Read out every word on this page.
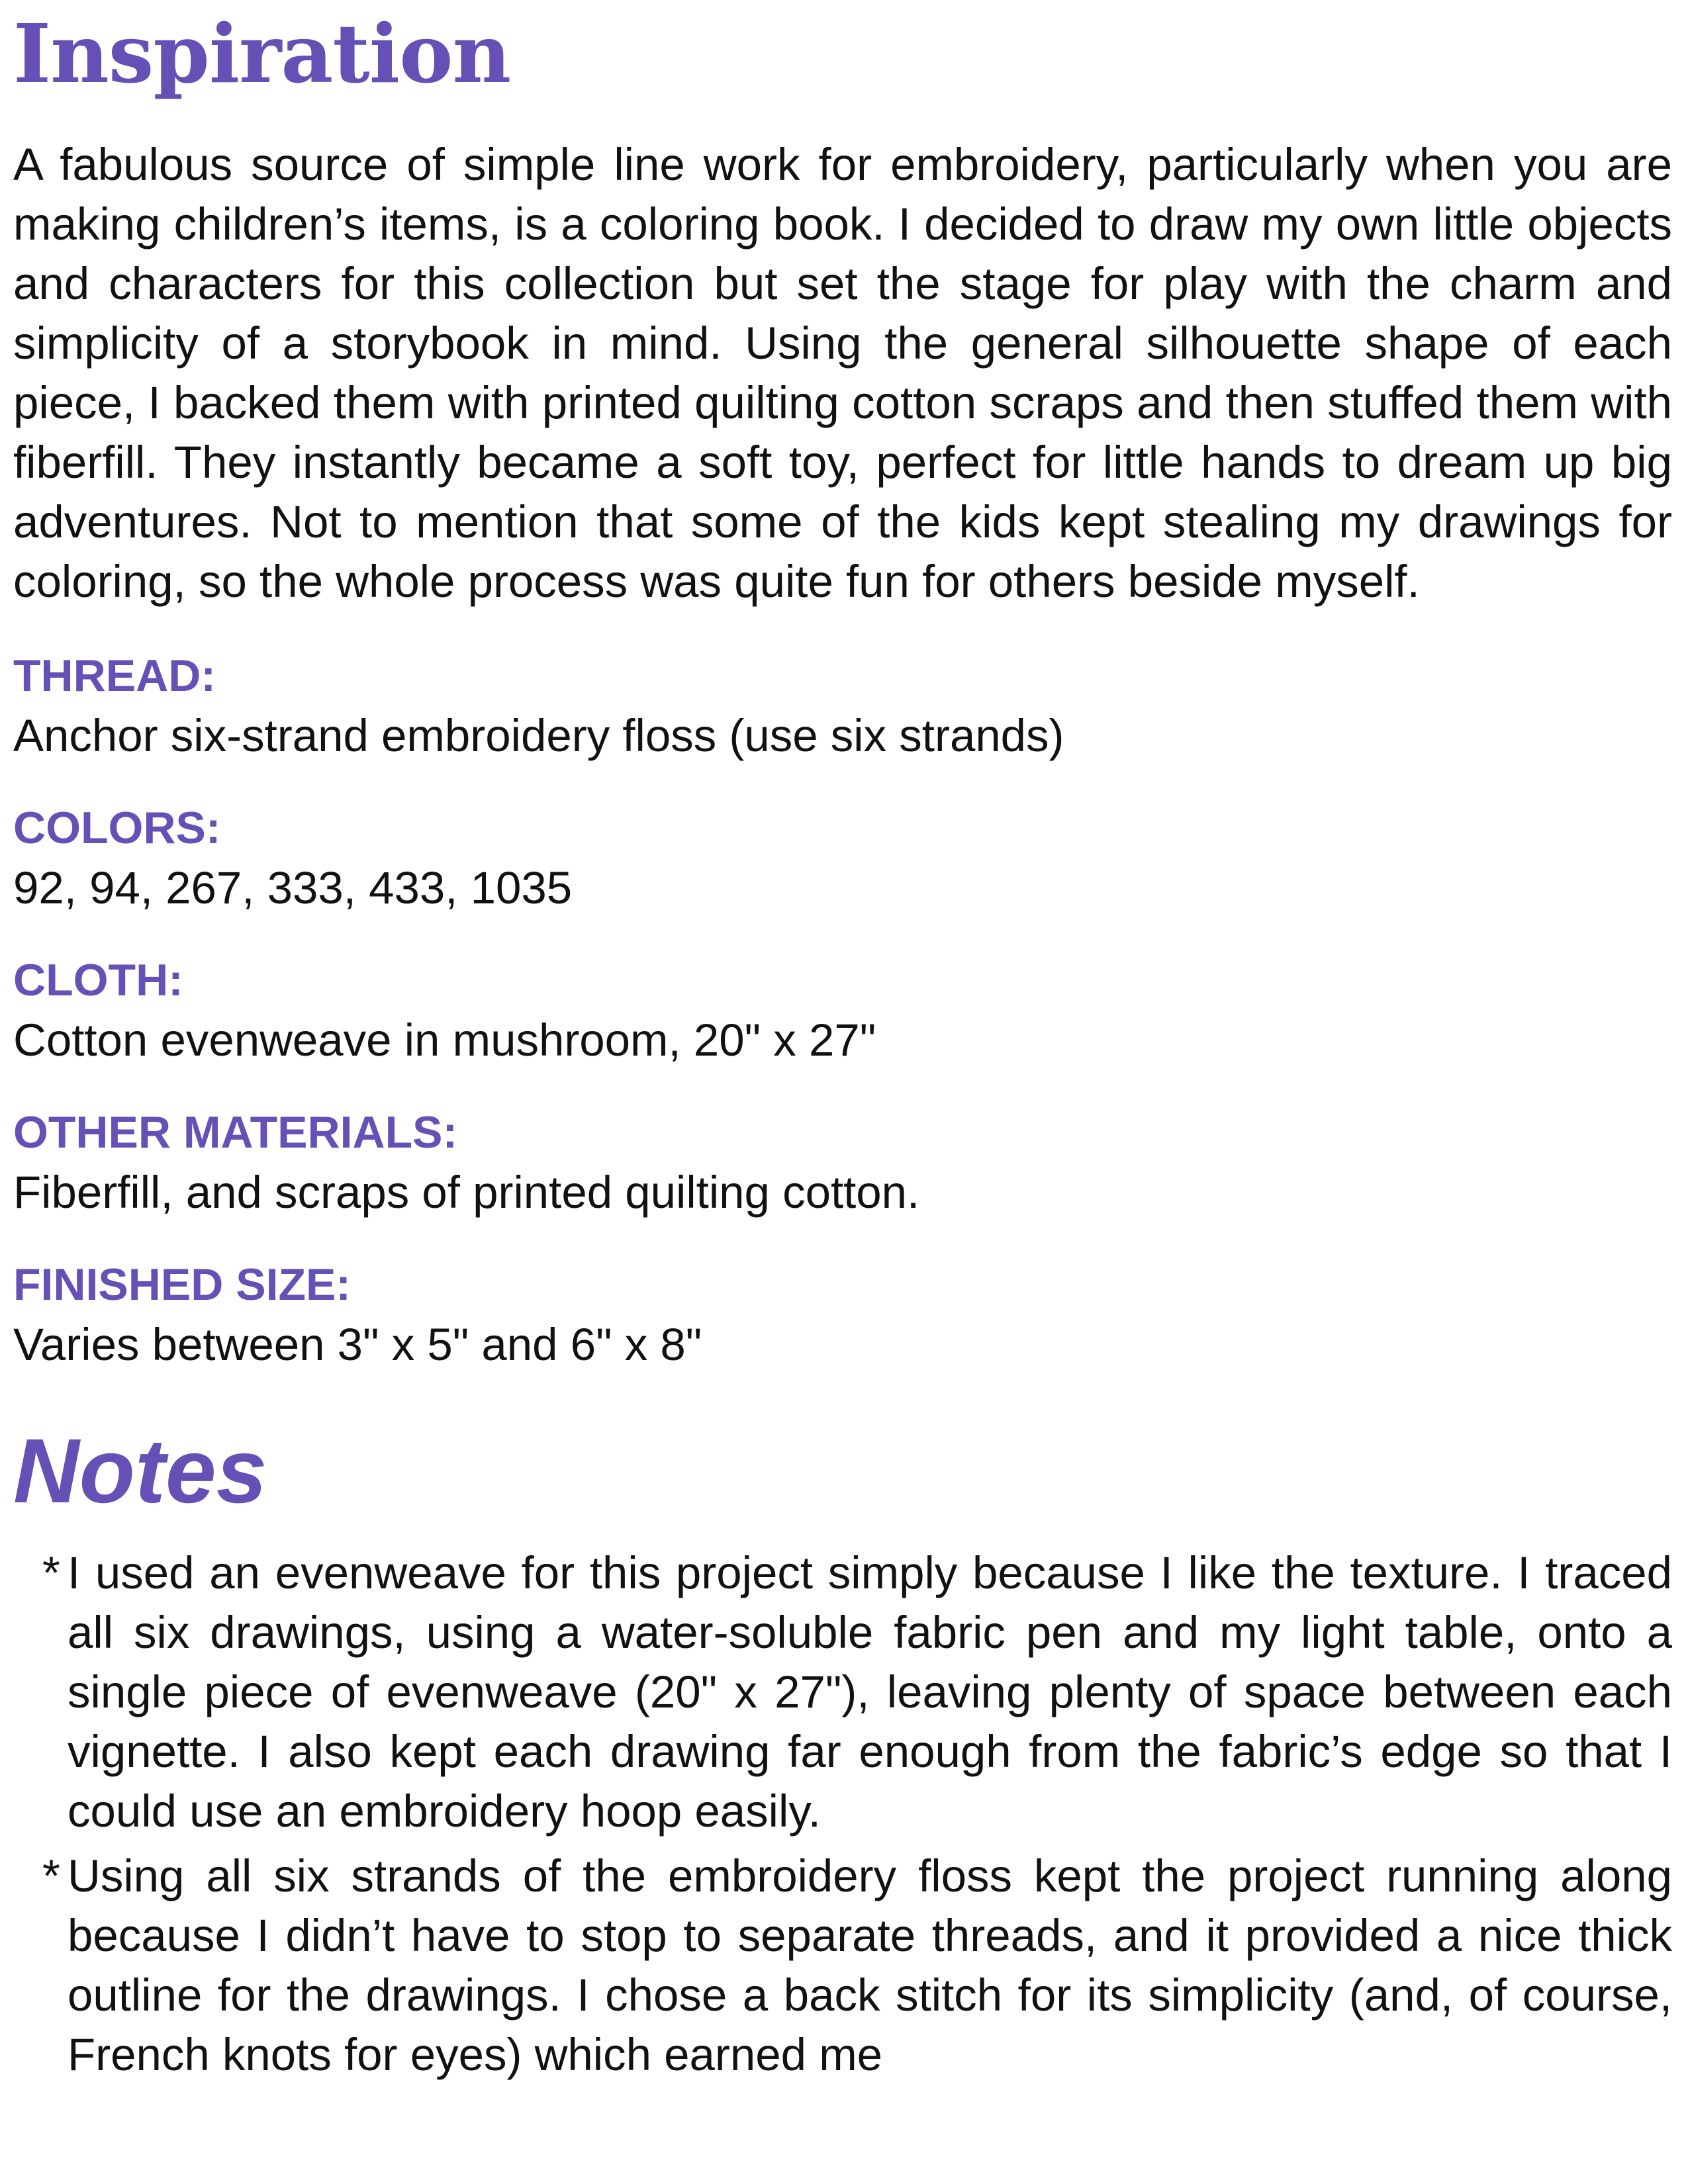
Inspiration

A fabulous source of simple line work for embroidery, particularly when you are making children’s items, is a coloring book. I decided to draw my own little objects and characters for this collection but set the stage for play with the charm and simplicity of a storybook in mind. Using the general silhouette shape of each piece, I backed them with printed quilting cotton scraps and then stuffed them with fiberfill. They instantly became a soft toy, perfect for little hands to dream up big adventures. Not to mention that some of the kids kept stealing my drawings for coloring, so the whole process was quite fun for others beside myself.

THREAD:
Anchor six-strand embroidery floss (use six strands)
COLORS:
92, 94, 267, 333, 433, 1035
CLOTH:
Cotton evenweave in mushroom, 20" x 27"
OTHER MATERIALS:
Fiberfill, and scraps of printed quilting cotton.
FINISHED SIZE:
Varies between 3" x 5" and 6" x 8"
Notes
* I used an evenweave for this project simply because I like the texture. I traced all six drawings, using a water-soluble fabric pen and my light table, onto a single piece of evenweave (20" x 27"), leaving plenty of space between each vignette. I also kept each drawing far enough from the fabric’s edge so that I could use an embroidery hoop easily.
* Using all six strands of the embroidery floss kept the project running along because I didn’t have to stop to separate threads, and it provided a nice thick outline for the drawings. I chose a back stitch for its simplicity (and, of course, French knots for eyes) which earned me
